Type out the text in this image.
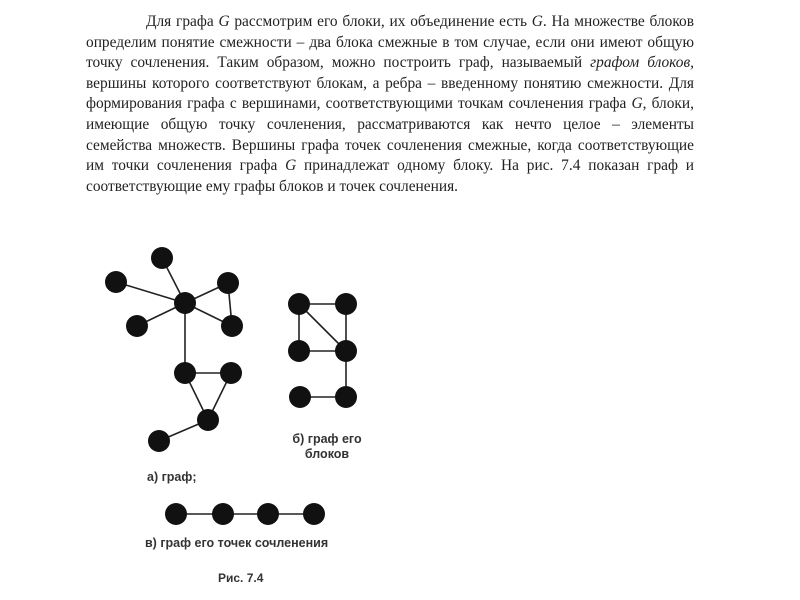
Для графа G рассмотрим его блоки, их объединение есть G. На множестве блоков определим понятие смежности – два блока смежные в том случае, если они имеют общую точку сочленения. Таким образом, можно построить граф, называемый графом блоков, вершины которого соответствуют блокам, а ребра – введенному понятию смежности. Для формирования графа с вершинами, соответствующими точкам сочленения графа G, блоки, имеющие общую точку сочленения, рассматриваются как нечто целое – элементы семейства множеств. Вершины графа точек сочленения смежные, когда соответствующие им точки сочленения графа G принадлежат одному блоку. На рис. 7.4 показан граф и соответствующие ему графы блоков и точек сочленения.

а) граф;

б) граф его блоков

в) граф его точек сочленения

Рис. 7.4
